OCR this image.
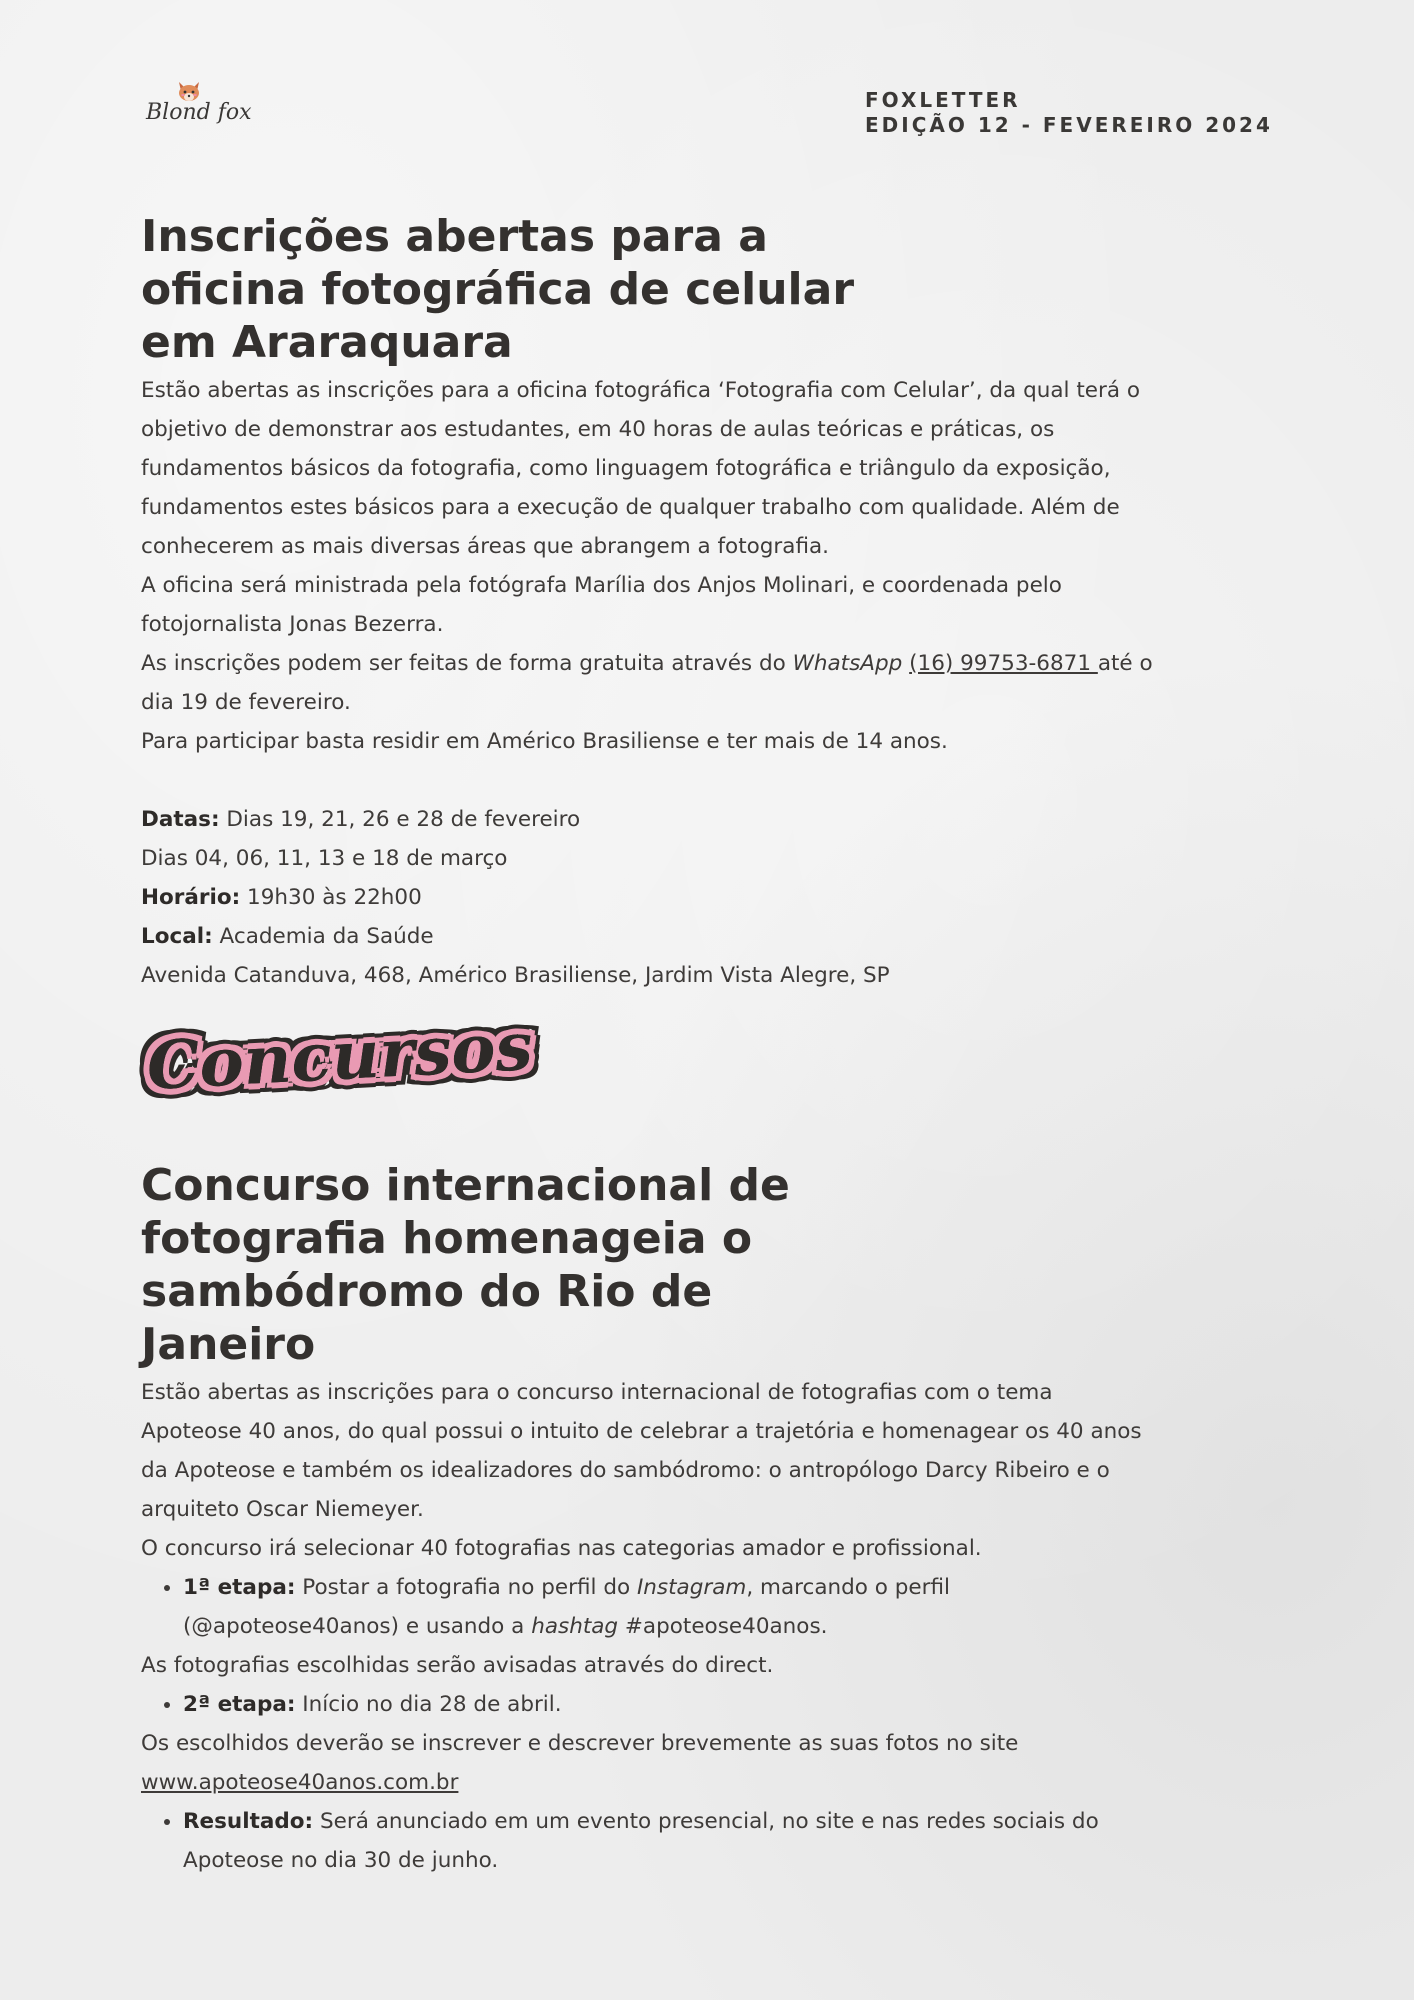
Blond fox	FOXLETTER
EDIÇÃO 12 - FEVEREIRO 2024
Inscrições abertas para a
oficina fotográfica de celular
em Araraquara

Estão abertas as inscrições para a oficina fotográfica ‘Fotografia com Celular’, da qual terá o

objetivo de demonstrar aos estudantes, em 40 horas de aulas teóricas e práticas, os

fundamentos básicos da fotografia, como linguagem fotográfica e triângulo da exposição,

fundamentos estes básicos para a execução de qualquer trabalho com qualidade. Além de

conhecerem as mais diversas áreas que abrangem a fotografia.

A oficina será ministrada pela fotógrafa Marília dos Anjos Molinari, e coordenada pelo

fotojornalista Jonas Bezerra.

As inscrições podem ser feitas de forma gratuita através do WhatsApp (16) 99753-6871 até o

dia 19 de fevereiro.

Para participar basta residir em Américo Brasiliense e ter mais de 14 anos.

Datas: Dias 19, 21, 26 e 28 de fevereiro

Dias 04, 06, 11, 13 e 18 de março

Horário: 19h30 às 22h00

Local: Academia da Saúde

Avenida Catanduva, 468, Américo Brasiliense, Jardim Vista Alegre, SP

Concursos
Concurso internacional de
fotografia homenageia o
sambódromo do Rio de
Janeiro

Estão abertas as inscrições para o concurso internacional de fotografias com o tema

Apoteose 40 anos, do qual possui o intuito de celebrar a trajetória e homenagear os 40 anos

da Apoteose e também os idealizadores do sambódromo: o antropólogo Darcy Ribeiro e o

arquiteto Oscar Niemeyer.

O concurso irá selecionar 40 fotografias nas categorias amador e profissional.

• 1ª etapa: Postar a fotografia no perfil do Instagram, marcando o perfil
(@apoteose40anos) e usando a hashtag #apoteose40anos.

As fotografias escolhidas serão avisadas através do direct.

• 2ª etapa: Início no dia 28 de abril.

Os escolhidos deverão se inscrever e descrever brevemente as suas fotos no site

www.apoteose40anos.com.br

• Resultado: Será anunciado em um evento presencial, no site e nas redes sociais do
Apoteose no dia 30 de junho.
